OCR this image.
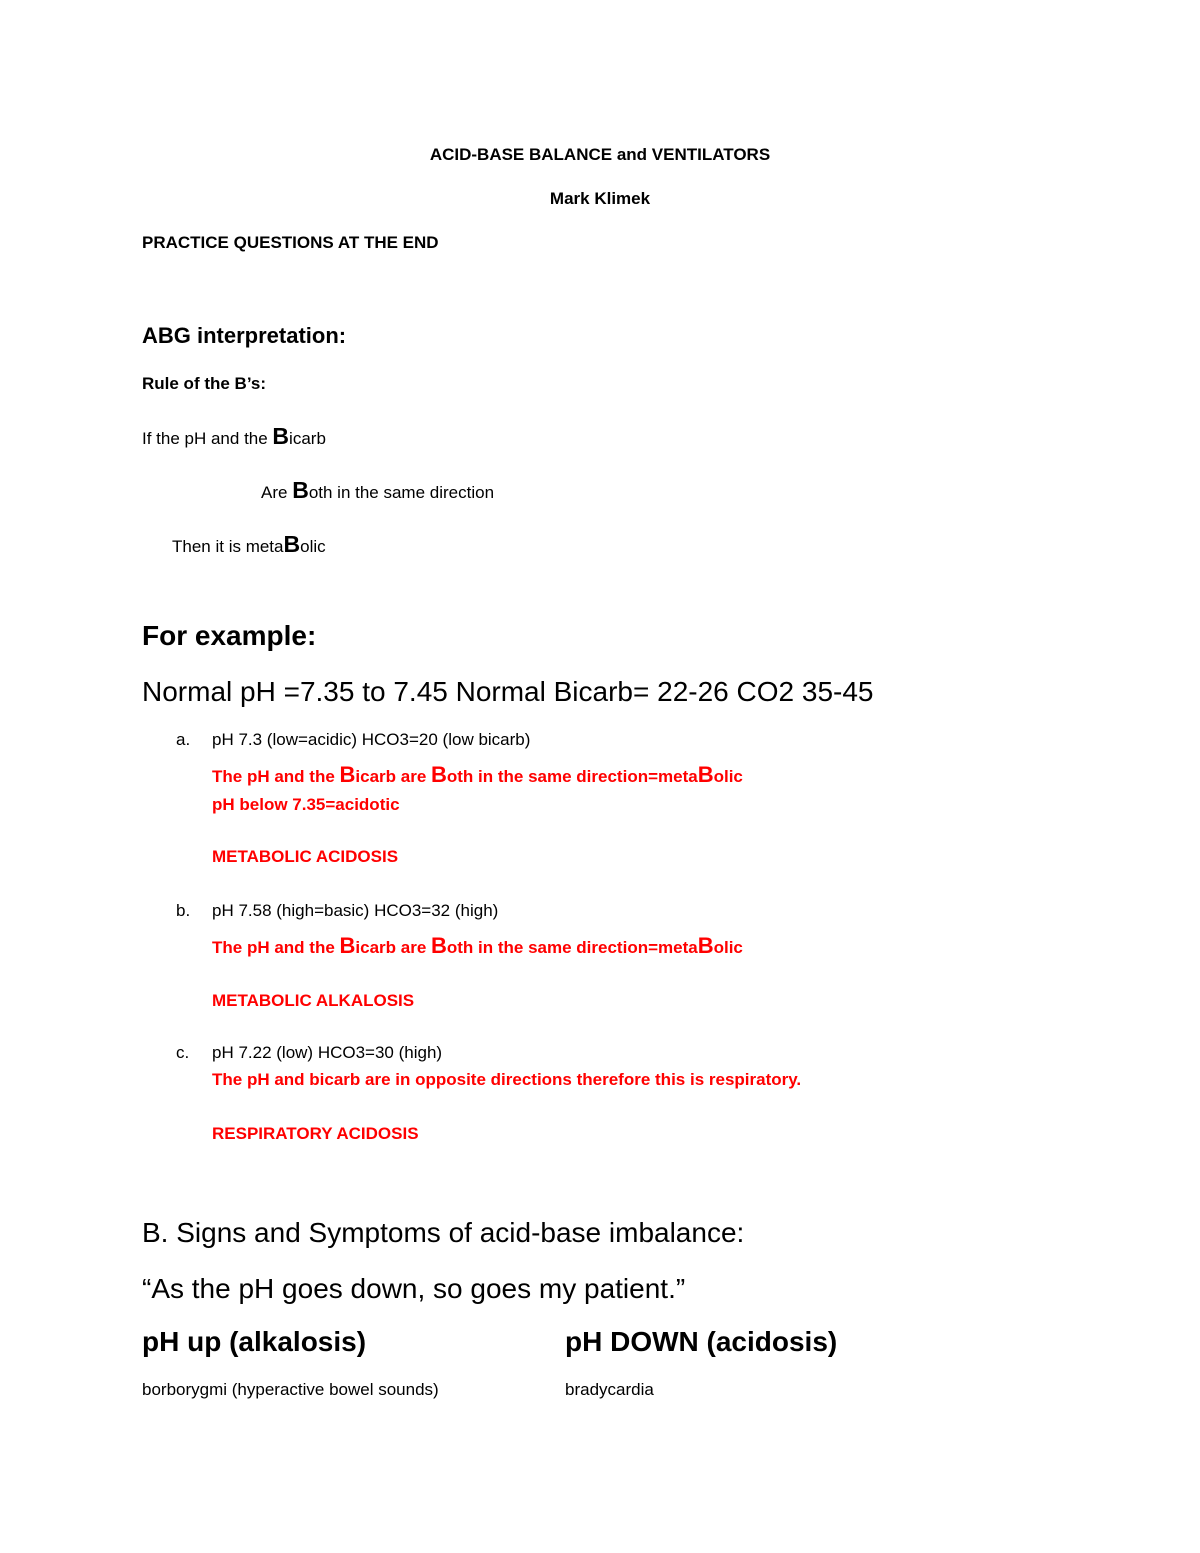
ACID-BASE BALANCE and VENTILATORS
Mark Klimek
PRACTICE QUESTIONS AT THE END
ABG interpretation:
Rule of the B’s:
If the pH and the Bicarb
Are Both in the same direction
Then it is metaBolic
For example:
Normal pH =7.35 to 7.45 Normal Bicarb= 22-26 CO2 35-45
a. pH 7.3 (low=acidic) HCO3=20 (low bicarb)
The pH and the Bicarb are Both in the same direction=metaBolic
pH below 7.35=acidotic
METABOLIC ACIDOSIS
b. pH 7.58 (high=basic) HCO3=32 (high)
The pH and the Bicarb are Both in the same direction=metaBolic
METABOLIC ALKALOSIS
c. pH 7.22 (low) HCO3=30 (high)
The pH and bicarb are in opposite directions therefore this is respiratory.
RESPIRATORY ACIDOSIS
B. Signs and Symptoms of acid-base imbalance:
“As the pH goes down, so goes my patient.”
pH up (alkalosis)	pH DOWN (acidosis)
borborygmi (hyperactive bowel sounds)	bradycardia
